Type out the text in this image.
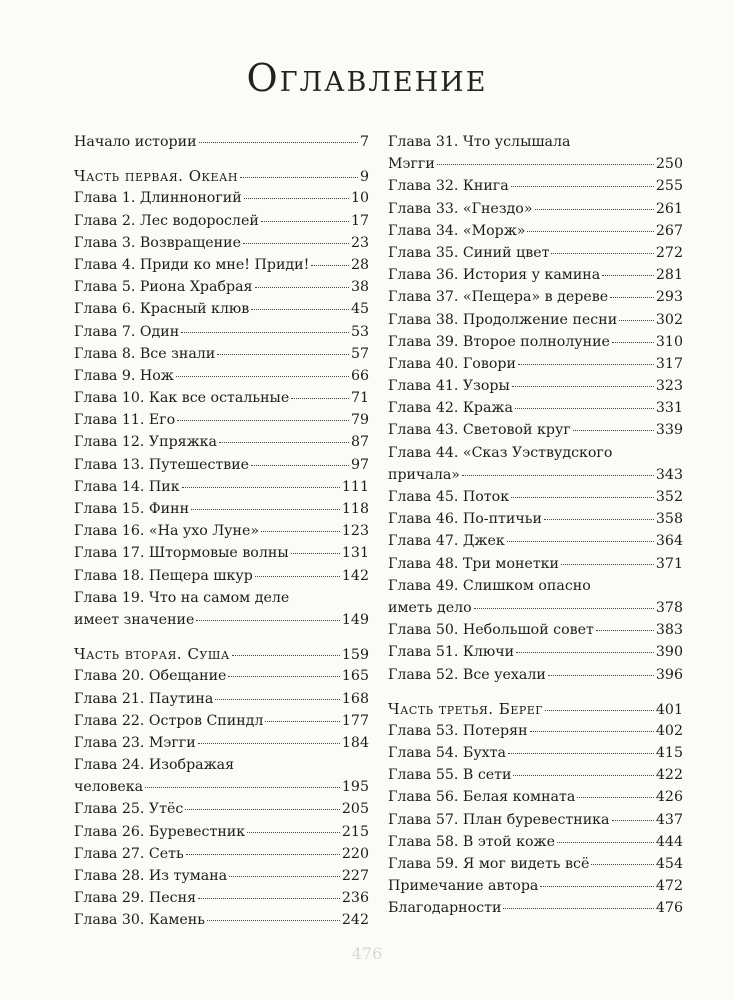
Оглавление
Начало истории	7
Часть первая. Океан	9
Глава 1. Длинноногий	10
Глава 2. Лес водорослей	17
Глава 3. Возвращение	23
Глава 4. Приди ко мне! Приди!	28
Глава 5. Риона Храбрая	38
Глава 6. Красный клюв	45
Глава 7. Один	53
Глава 8. Все знали	57
Глава 9. Нож	66
Глава 10. Как все остальные	71
Глава 11. Его	79
Глава 12. Упряжка	87
Глава 13. Путешествие	97
Глава 14. Пик	111
Глава 15. Финн	118
Глава 16. «На ухо Луне»	123
Глава 17. Штормовые волны	131
Глава 18. Пещера шкур	142
Глава 19. Что на самом деле
имеет значение	149
Часть вторая. Суша	159
Глава 20. Обещание	165
Глава 21. Паутина	168
Глава 22. Остров Спиндл	177
Глава 23. Мэгги	184
Глава 24. Изображая
человека	195
Глава 25. Утёс	205
Глава 26. Буревестник	215
Глава 27. Сеть	220
Глава 28. Из тумана	227
Глава 29. Песня	236
Глава 30. Камень	242
Глава 31. Что услышала
Мэгги	250
Глава 32. Книга	255
Глава 33. «Гнездо»	261
Глава 34. «Морж»	267
Глава 35. Синий цвет	272
Глава 36. История у камина	281
Глава 37. «Пещера» в дереве	293
Глава 38. Продолжение песни	302
Глава 39. Второе полнолуние	310
Глава 40. Говори	317
Глава 41. Узоры	323
Глава 42. Кража	331
Глава 43. Световой круг	339
Глава 44. «Сказ Уэствудского
причала»	343
Глава 45. Поток	352
Глава 46. По-птичьи	358
Глава 47. Джек	364
Глава 48. Три монетки	371
Глава 49. Слишком опасно
иметь дело	378
Глава 50. Небольшой совет	383
Глава 51. Ключи	390
Глава 52. Все уехали	396
Часть третья. Берег	401
Глава 53. Потерян	402
Глава 54. Бухта	415
Глава 55. В сети	422
Глава 56. Белая комната	426
Глава 57. План буревестника	437
Глава 58. В этой коже	444
Глава 59. Я мог видеть всё	454
Примечание автора	472
Благодарности	476
476
